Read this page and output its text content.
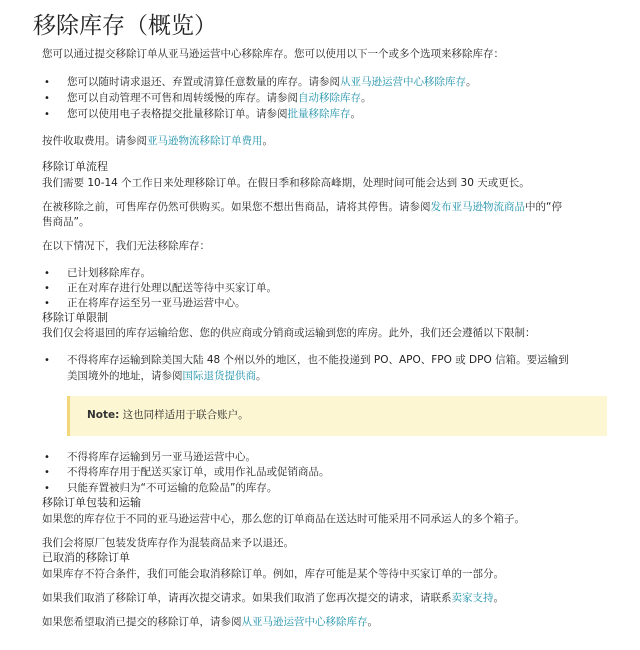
移除库存（概览）
您可以通过提交移除订单从亚马逊运营中心移除库存。您可以使用以下一个或多个选项来移除库存：
• 您可以随时请求退还、弃置或清算任意数量的库存。请参阅从亚马逊运营中心移除库存。
• 您可以自动管理不可售和周转缓慢的库存。请参阅自动移除库存。
• 您可以使用电子表格提交批量移除订单。请参阅批量移除库存。
按件收取费用。请参阅亚马逊物流移除订单费用。
移除订单流程
我们需要 10-14 个工作日来处理移除订单。在假日季和移除高峰期，处理时间可能会达到 30 天或更长。
在被移除之前，可售库存仍然可供购买。如果您不想出售商品，请将其停售。请参阅发布亚马逊物流商品中的“停
售商品”。
在以下情况下，我们无法移除库存：
• 已计划移除库存。
• 正在对库存进行处理以配送等待中买家订单。
• 正在将库存运至另一亚马逊运营中心。
移除订单限制
我们仅会将退回的库存运输给您、您的供应商或分销商或运输到您的库房。此外，我们还会遵循以下限制：
• 不得将库存运输到除美国大陆 48 个州以外的地区，也不能投递到 PO、APO、FPO 或 DPO 信箱。要运输到
美国境外的地址，请参阅国际退货提供商。
Note: 这也同样适用于联合账户。
• 不得将库存运输到另一亚马逊运营中心。
• 不得将库存用于配送买家订单，或用作礼品或促销商品。
• 只能弃置被归为“不可运输的危险品”的库存。
移除订单包装和运输
如果您的库存位于不同的亚马逊运营中心，那么您的订单商品在送达时可能采用不同承运人的多个箱子。
我们会将原厂包装发货库存作为混装商品来予以退还。
已取消的移除订单
如果库存不符合条件，我们可能会取消移除订单。例如，库存可能是某个等待中买家订单的一部分。
如果我们取消了移除订单，请再次提交请求。如果我们取消了您再次提交的请求，请联系卖家支持。
如果您希望取消已提交的移除订单，请参阅从亚马逊运营中心移除库存。
